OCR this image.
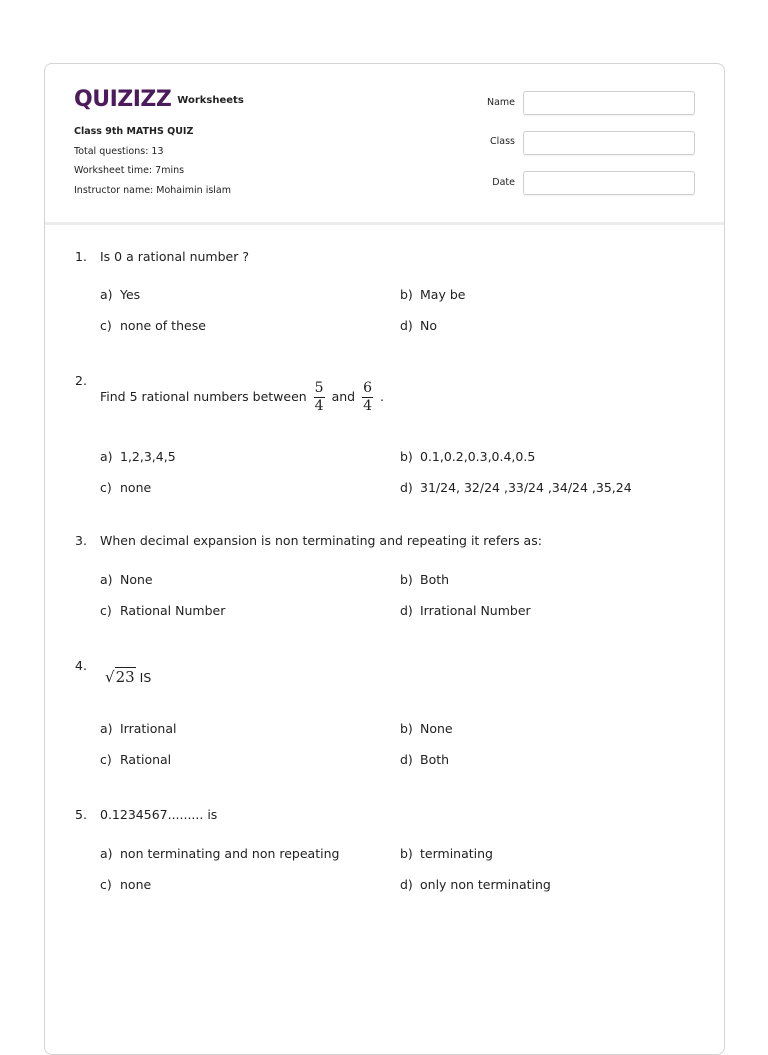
QUIZIZZ Worksheets
Class 9th MATHS QUIZ
Total questions: 13
Worksheet time: 7mins
Instructor name: Mohaimin islam
Name
Class
Date
1. Is 0 a rational number ?
a) Yes	b) May be
c) none of these	d) No
2.
Find 5 rational numbers between $\frac{5}{4}$ and $\frac{6}{4}$ .
a) 1,2,3,4,5	b) 0.1,0.2,0.3,0.4,0.5
c) none	d) 31/24, 32/24 ,33/24 ,34/24 ,35,24
3. When decimal expansion is non terminating and repeating it refers as:
a) None	b) Both
c) Rational Number	d) Irrational Number
4.
√23 IS
a) Irrational	b) None
c) Rational	d) Both
5. 0.1234567......... is
a) non terminating and non repeating	b) terminating
c) none	d) only non terminating
